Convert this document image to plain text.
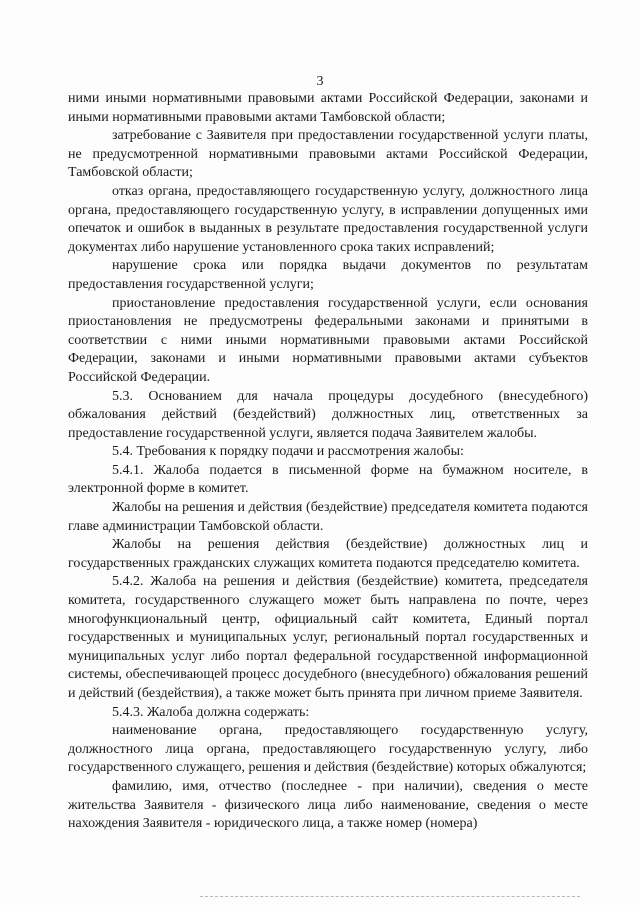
3

ними иными нормативными правовыми актами Российской Федерации, законами и иными нормативными правовыми актами Тамбовской области;

затребование с Заявителя при предоставлении государственной услуги платы, не предусмотренной нормативными правовыми актами Российской Федерации, Тамбовской области;

отказ органа, предоставляющего государственную услугу, должностного лица органа, предоставляющего государственную услугу, в исправлении допущенных ими опечаток и ошибок в выданных в результате предоставления государственной услуги документах либо нарушение установленного срока таких исправлений;

нарушение срока или порядка выдачи документов по результатам предоставления государственной услуги;

приостановление предоставления государственной услуги, если основания приостановления не предусмотрены федеральными законами и принятыми в соответствии с ними иными нормативными правовыми актами Российской Федерации, законами и иными нормативными правовыми актами субъектов Российской Федерации.

5.3. Основанием для начала процедуры досудебного (внесудебного) обжалования действий (бездействий) должностных лиц, ответственных за предоставление государственной услуги, является подача Заявителем жалобы.

5.4. Требования к порядку подачи и рассмотрения жалобы:

5.4.1. Жалоба подается в письменной форме на бумажном носителе, в электронной форме в комитет.

Жалобы на решения и действия (бездействие) председателя комитета подаются главе администрации Тамбовской области.

Жалобы на решения действия (бездействие) должностных лиц и государственных гражданских служащих комитета подаются председателю комитета.

5.4.2. Жалоба на решения и действия (бездействие) комитета, председателя комитета, государственного служащего может быть направлена по почте, через многофункциональный центр, официальный сайт комитета, Единый портал государственных и муниципальных услуг, региональный портал государственных и муниципальных услуг либо портал федеральной государственной информационной системы, обеспечивающей процесс досудебного (внесудебного) обжалования решений и действий (бездействия), а также может быть принята при личном приеме Заявителя.

5.4.3. Жалоба должна содержать:

наименование органа, предоставляющего государственную услугу, должностного лица органа, предоставляющего государственную услугу, либо государственного служащего, решения и действия (бездействие) которых обжалуются;

фамилию, имя, отчество (последнее - при наличии), сведения о месте жительства Заявителя - физического лица либо наименование, сведения о месте нахождения Заявителя - юридического лица, а также номер (номера)
